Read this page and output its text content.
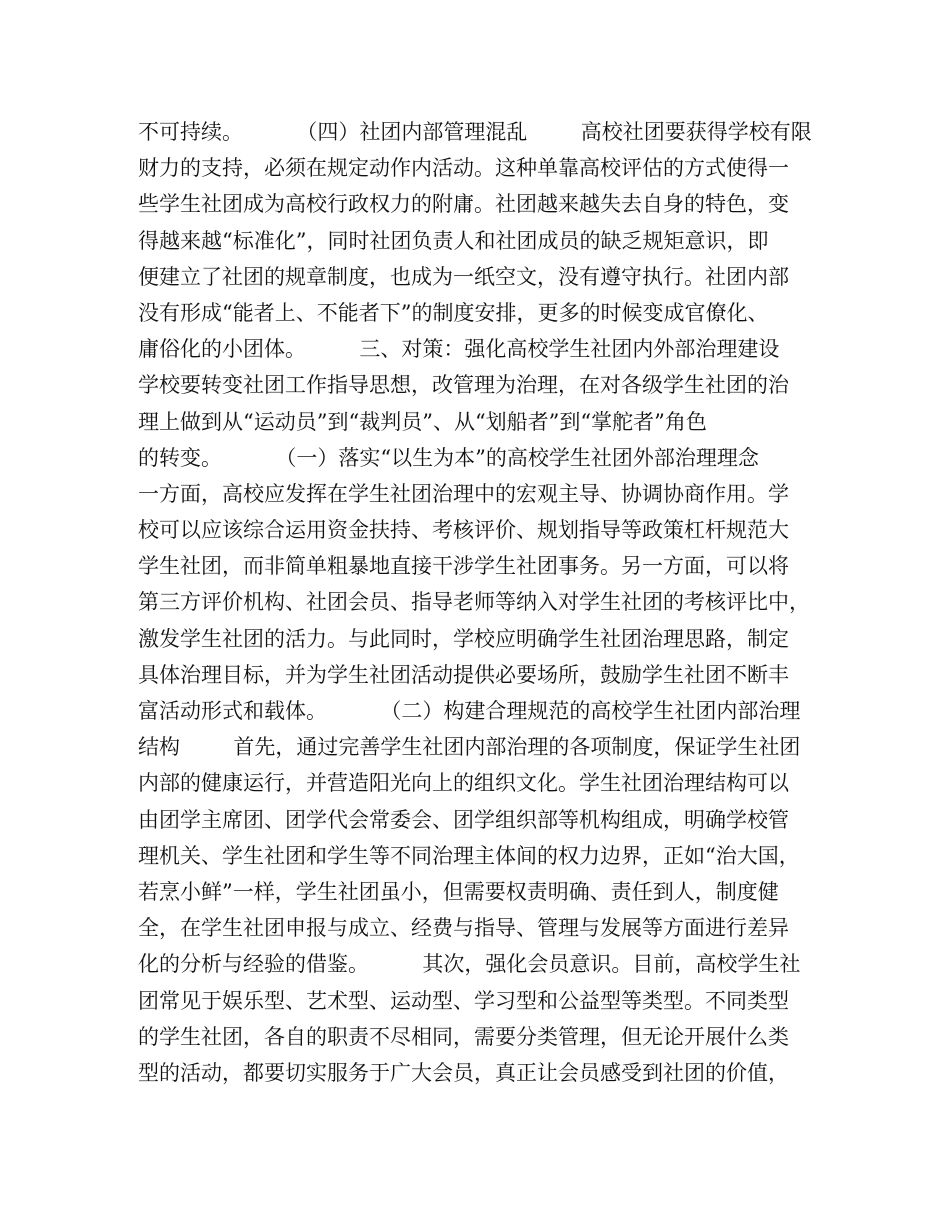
不可持续。        （四）社团内部管理混乱        高校社团要获得学校有限
财力的支持，必须在规定动作内活动。这种单靠高校评估的方式使得一
些学生社团成为高校行政权力的附庸。社团越来越失去自身的特色，变
得越来越“标准化”，同时社团负责人和社团成员的缺乏规矩意识，即
便建立了社团的规章制度，也成为一纸空文，没有遵守执行。社团内部
没有形成“能者上、不能者下”的制度安排，更多的时候变成官僚化、
庸俗化的小团体。        三、对策：强化高校学生社团内外部治理建设
学校要转变社团工作指导思想，改管理为治理，在对各级学生社团的治
理上做到从“运动员”到“裁判员”、从“划船者”到“掌舵者”角色
的转变。        （一）落实“以生为本”的高校学生社团外部治理理念
一方面，高校应发挥在学生社团治理中的宏观主导、协调协商作用。学
校可以应该综合运用资金扶持、考核评价、规划指导等政策杠杆规范大
学生社团，而非简单粗暴地直接干涉学生社团事务。另一方面，可以将
第三方评价机构、社团会员、指导老师等纳入对学生社团的考核评比中，
激发学生社团的活力。与此同时，学校应明确学生社团治理思路，制定
具体治理目标，并为学生社团活动提供必要场所，鼓励学生社团不断丰
富活动形式和载体。        （二）构建合理规范的高校学生社团内部治理
结构        首先，通过完善学生社团内部治理的各项制度，保证学生社团
内部的健康运行，并营造阳光向上的组织文化。学生社团治理结构可以
由团学主席团、团学代会常委会、团学组织部等机构组成，明确学校管
理机关、学生社团和学生等不同治理主体间的权力边界，正如“治大国，
若烹小鲜”一样，学生社团虽小，但需要权责明确、责任到人，制度健
全，在学生社团申报与成立、经费与指导、管理与发展等方面进行差异
化的分析与经验的借鉴。        其次，强化会员意识。目前，高校学生社
团常见于娱乐型、艺术型、运动型、学习型和公益型等类型。不同类型
的学生社团，各自的职责不尽相同，需要分类管理，但无论开展什么类
型的活动，都要切实服务于广大会员，真正让会员感受到社团的价值，
